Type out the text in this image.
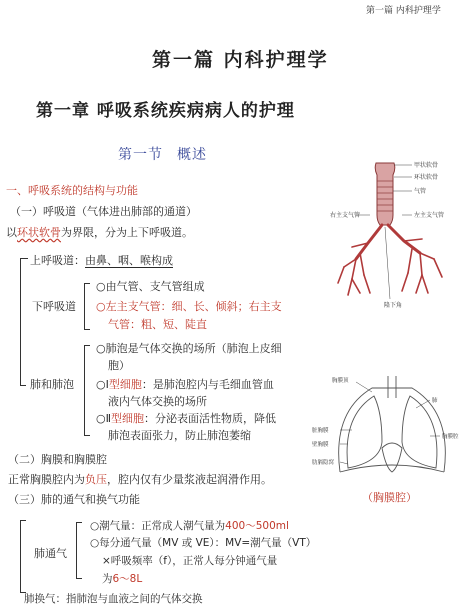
第一篇 内科护理学
第一篇 内科护理学
第一章 呼吸系统疾病病人的护理
第一节 概述
一、呼吸系统的结构与功能
（一）呼吸道（气体进出肺部的通道）
以环状软骨为界限，分为上下呼吸道。
上呼吸道：由鼻、咽、喉构成
下呼吸道
○由气管、支气管组成
○左主支气管：细、长、倾斜；右主支
气管：粗、短、陡直
肺和肺泡
○肺泡是气体交换的场所（肺泡上皮细
胞）
○Ⅰ型细胞：是肺泡腔内与毛细血管血
液内气体交换的场所
○Ⅱ型细胞：分泌表面活性物质，降低
肺泡表面张力，防止肺泡萎缩
（二）胸膜和胸膜腔
正常胸膜腔内为负压，腔内仅有少量浆液起润滑作用。
（三）肺的通气和换气功能
肺通气
○潮气量：正常成人潮气量为400～500ml
○每分通气量（MV 或 VE）：MV=潮气量（VT）
×呼吸频率（f），正常人每分钟通气量
为6～8L
肺换气：指肺泡与血液之间的气体交换
甲状软骨
环状软骨
气管
右主支气管	左主支气管
隆下角
胸膜顶
肺
脏胸膜
壁胸膜
胸膜腔
肋膈隐窝
（胸膜腔）
